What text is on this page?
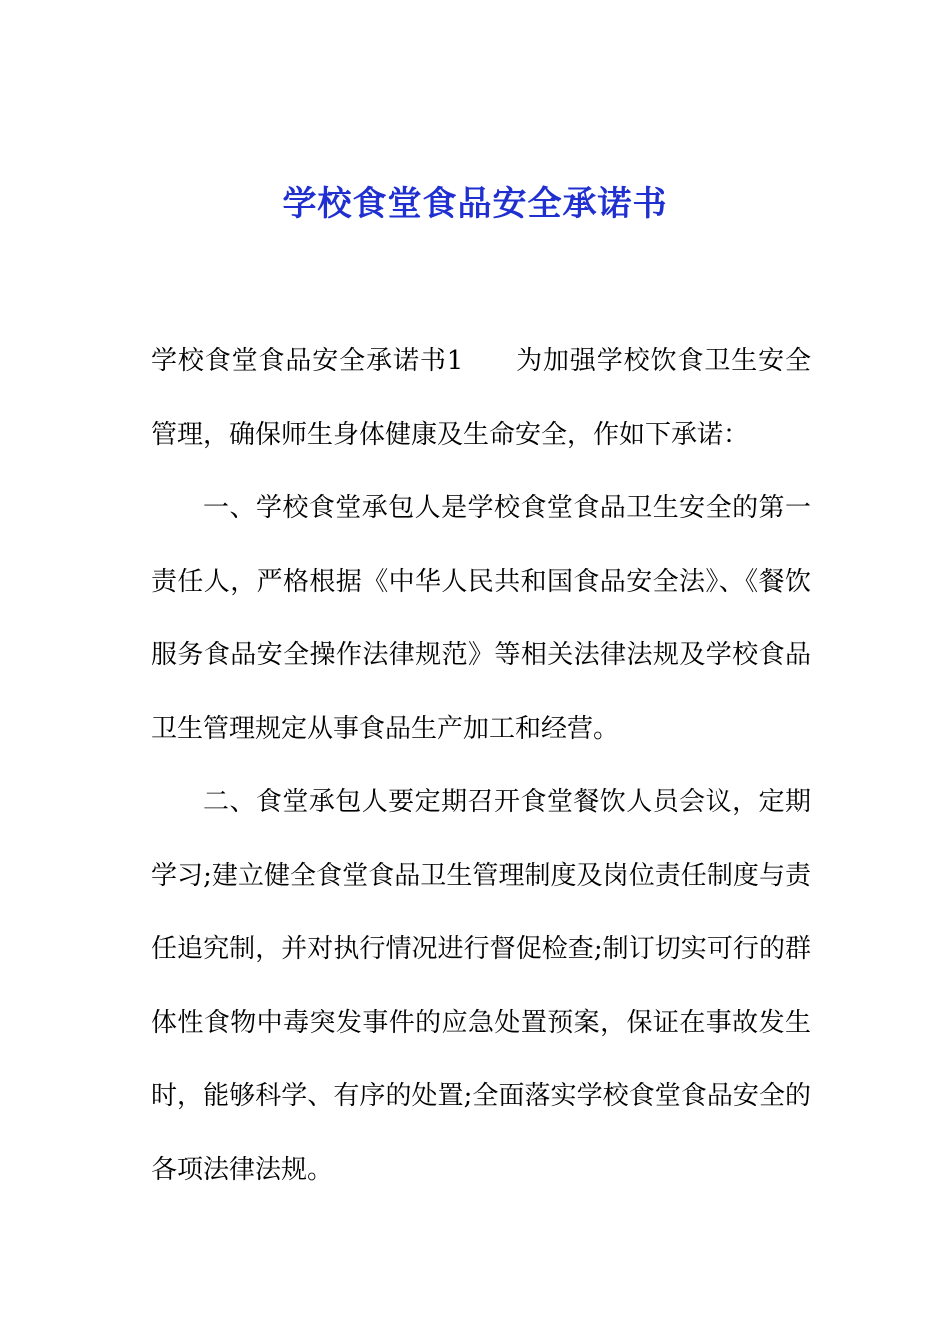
学校食堂食品安全承诺书

学校食堂食品安全承诺书1 为加强学校饮食卫生安全管理，确保师生身体健康及生命安全，作如下承诺：

一、学校食堂承包人是学校食堂食品卫生安全的第一责任人，严格根据《中华人民共和国食品安全法》、《餐饮服务食品安全操作法律规范》等相关法律法规及学校食品卫生管理规定从事食品生产加工和经营。

二、食堂承包人要定期召开食堂餐饮人员会议，定期学习;建立健全食堂食品卫生管理制度及岗位责任制度与责任追究制，并对执行情况进行督促检查;制订切实可行的群体性食物中毒突发事件的应急处置预案，保证在事故发生时，能够科学、有序的处置;全面落实学校食堂食品安全的各项法律法规。
